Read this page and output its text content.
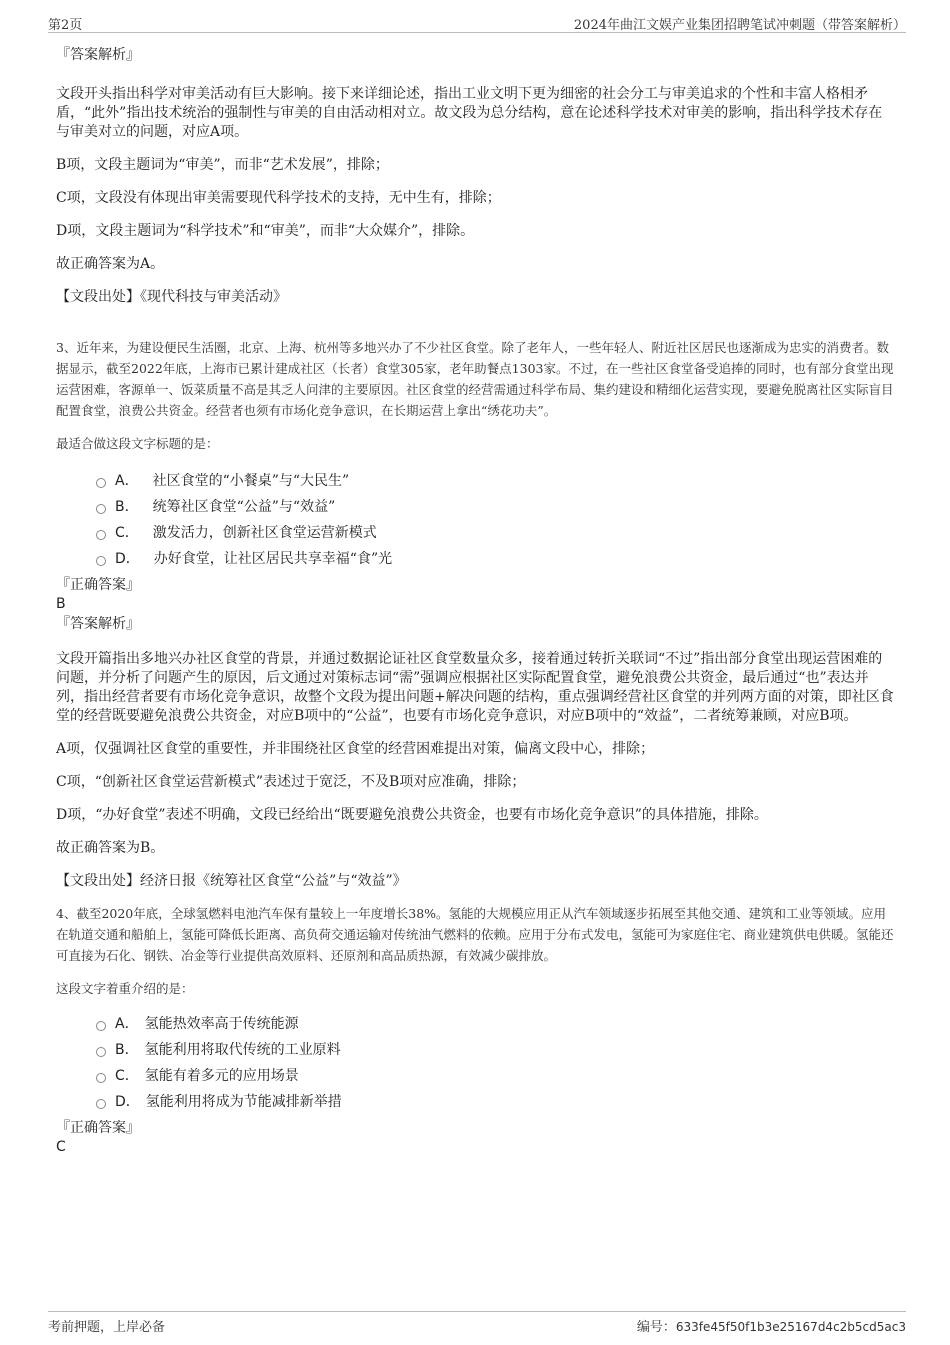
第2页	2024年曲江文娱产业集团招聘笔试冲刺题（带答案解析）

『答案解析』

文段开头指出科学对审美活动有巨大影响。接下来详细论述，指出工业文明下更为细密的社会分工与审美追求的个性和丰富人格相矛盾，“此外”指出技术统治的强制性与审美的自由活动相对立。故文段为总分结构，意在论述科学技术对审美的影响，指出科学技术存在与审美对立的问题，对应A项。

B项，文段主题词为“审美”，而非“艺术发展”，排除；

C项，文段没有体现出审美需要现代科学技术的支持，无中生有，排除；

D项，文段主题词为“科学技术”和“审美”，而非“大众媒介”，排除。

故正确答案为A。

【文段出处】《现代科技与审美活动》

3、近年来，为建设便民生活圈，北京、上海、杭州等多地兴办了不少社区食堂。除了老年人，一些年轻人、附近社区居民也逐渐成为忠实的消费者。数据显示，截至2022年底，上海市已累计建成社区（长者）食堂305家，老年助餐点1303家。不过，在一些社区食堂备受追捧的同时，也有部分食堂出现运营困难，客源单一、饭菜质量不高是其乏人问津的主要原因。社区食堂的经营需通过科学布局、集约建设和精细化运营实现，要避免脱离社区实际盲目配置食堂，浪费公共资金。经营者也须有市场化竞争意识，在长期运营上拿出“绣花功夫”。

最适合做这段文字标题的是：

A． 社区食堂的“小餐桌”与“大民生”
B． 统筹社区食堂“公益”与“效益”
C． 激发活力，创新社区食堂运营新模式
D． 办好食堂，让社区居民共享幸福“食”光

『正确答案』

B

『答案解析』

文段开篇指出多地兴办社区食堂的背景，并通过数据论证社区食堂数量众多，接着通过转折关联词“不过”指出部分食堂出现运营困难的问题，并分析了问题产生的原因，后文通过对策标志词“需”强调应根据社区实际配置食堂，避免浪费公共资金，最后通过“也”表达并列，指出经营者要有市场化竞争意识，故整个文段为提出问题+解决问题的结构，重点强调经营社区食堂的并列两方面的对策，即社区食堂的经营既要避免浪费公共资金，对应B项中的“公益”，也要有市场化竞争意识，对应B项中的“效益”，二者统筹兼顾，对应B项。

A项，仅强调社区食堂的重要性，并非围绕社区食堂的经营困难提出对策，偏离文段中心，排除；

C项，“创新社区食堂运营新模式”表述过于宽泛，不及B项对应准确，排除；

D项，“办好食堂”表述不明确，文段已经给出“既要避免浪费公共资金，也要有市场化竞争意识”的具体措施，排除。

故正确答案为B。

【文段出处】经济日报《统筹社区食堂“公益”与“效益”》

4、截至2020年底，全球氢燃料电池汽车保有量较上一年度增长38%。氢能的大规模应用正从汽车领域逐步拓展至其他交通、建筑和工业等领域。应用在轨道交通和船舶上，氢能可降低长距离、高负荷交通运输对传统油气燃料的依赖。应用于分布式发电，氢能可为家庭住宅、商业建筑供电供暖。氢能还可直接为石化、钢铁、冶金等行业提供高效原料、还原剂和高品质热源，有效减少碳排放。

这段文字着重介绍的是：

A． 氢能热效率高于传统能源
B． 氢能利用将取代传统的工业原料
C． 氢能有着多元的应用场景
D． 氢能利用将成为节能减排新举措

『正确答案』

C

考前押题，上岸必备	编号：633fe45f50f1b3e25167d4c2b5cd5ac3
